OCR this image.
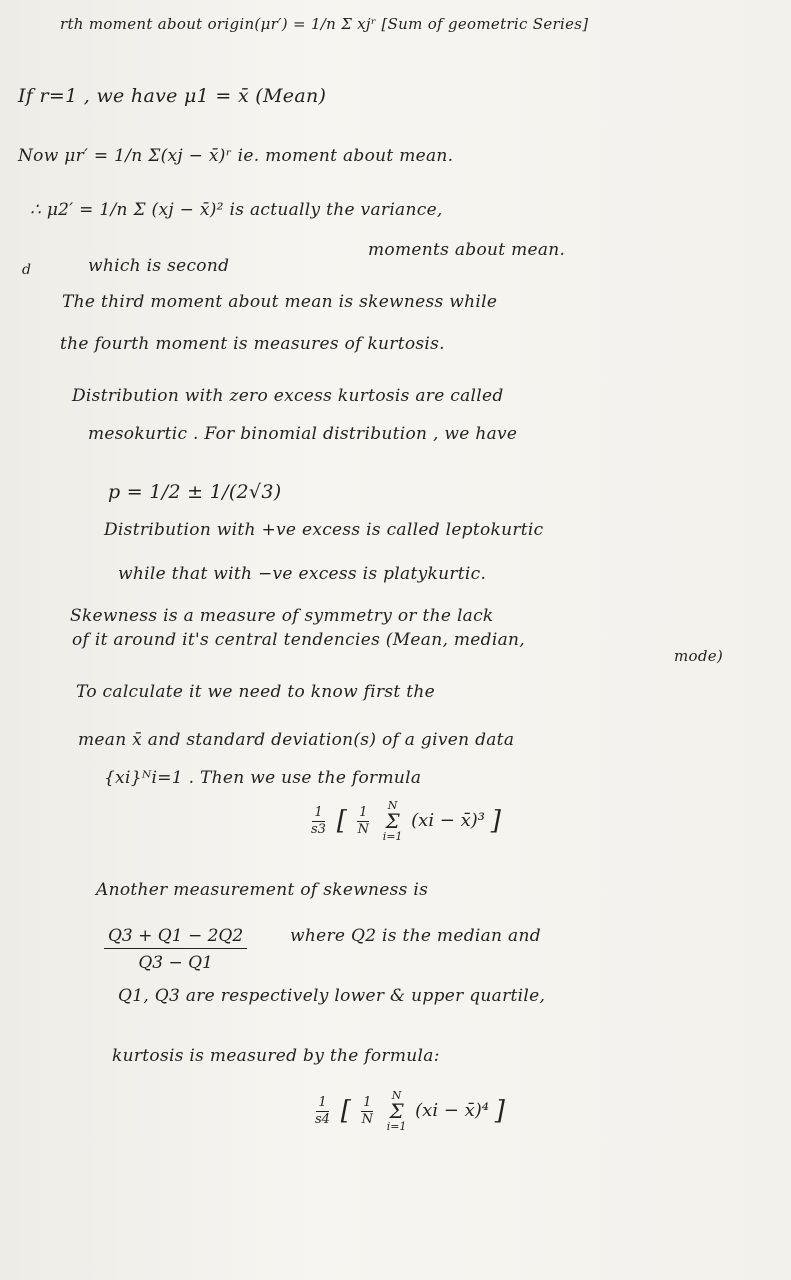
rth moment about origin(μr′) = 1/n Σ xjʳ [Sum of geometric Series]
If r=1 , we have μ1 = x̄ (Mean)
Now μr′ = 1/n Σ(xj − x̄)ʳ ie. moment about mean.
∴ μ2′ = 1/n Σ (xj − x̄)² is actually the variance,
d	which is second
moments about mean.
The third moment about mean is skewness while
the fourth moment is measures of kurtosis.
Distribution with zero excess kurtosis are called
mesokurtic . For binomial distribution , we have
p = 1/2 ± 1/(2√3)
Distribution with +ve excess is called leptokurtic
while that with −ve excess is platykurtic.
Skewness is a measure of symmetry or the lack
of it around it's central tendencies (Mean, median,
mode)
To calculate it we need to know first the
mean x̄ and standard deviation(s) of a given data
{xi}ᴺi=1 . Then we use the formula
$\frac{1}{s3}$ [ $\frac{1}{N}$
N
Σ
i=1
(xi − x̄)³ ]
Another measurement of skewness is
$\frac{Q3 + Q1 - 2Q2}{Q3 - Q1}$	where Q2 is the median and
Q1, Q3 are respectively lower & upper quartile,
kurtosis is measured by the formula:
$\frac{1}{s4}$ [ $\frac{1}{N}$
N
Σ
i=1
(xi − x̄)⁴ ]
